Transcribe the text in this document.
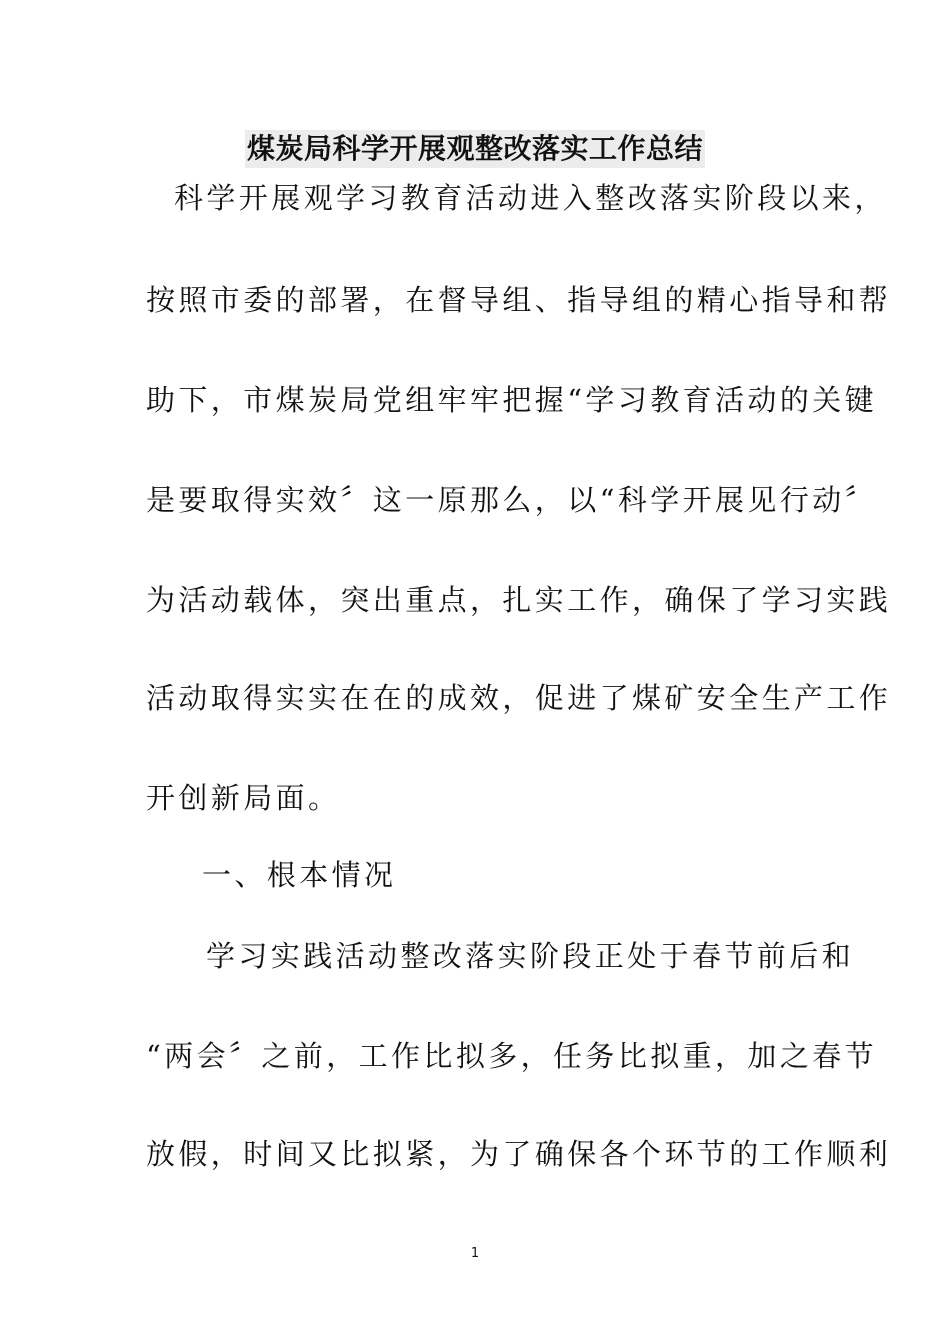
煤炭局科学开展观整改落实工作总结
科学开展观学习教育活动进入整改落实阶段以来，
按照市委的部署，在督导组、指导组的精心指导和帮
助下，市煤炭局党组牢牢把握“学习教育活动的关键
是要取得实效〞这一原那么，以“科学开展见行动〞
为活动载体，突出重点，扎实工作，确保了学习实践
活动取得实实在在的成效，促进了煤矿安全生产工作
开创新局面。
一、根本情况
学习实践活动整改落实阶段正处于春节前后和
“两会〞之前，工作比拟多，任务比拟重，加之春节
放假，时间又比拟紧，为了确保各个环节的工作顺利
1
